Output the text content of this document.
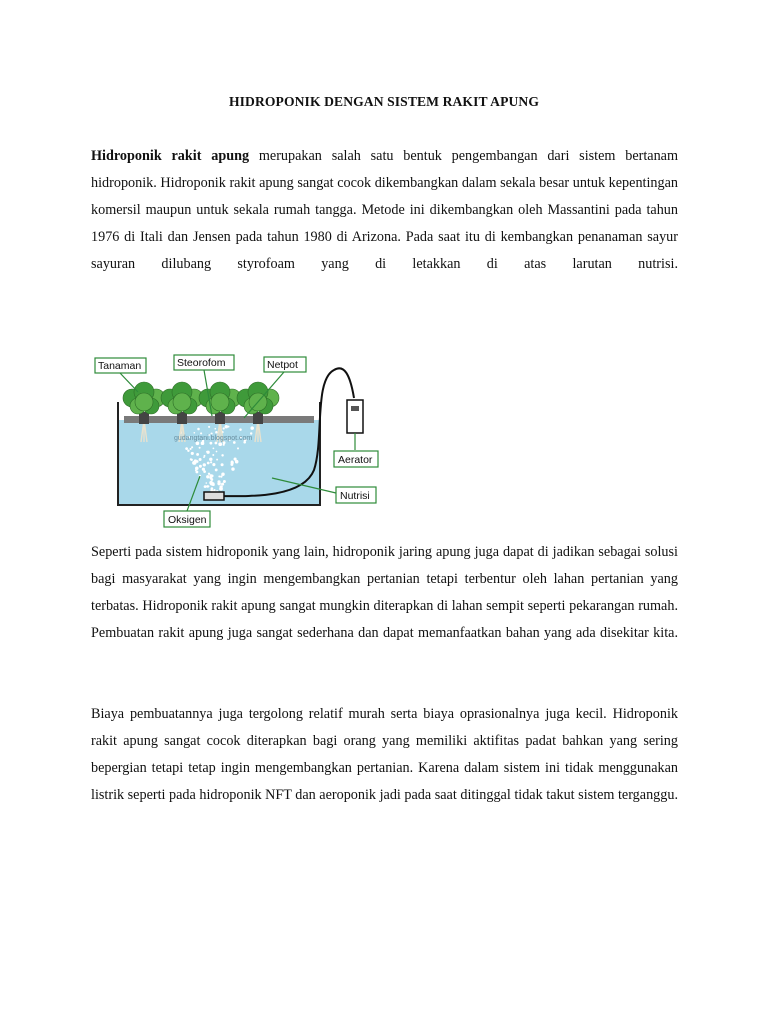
HIDROPONIK DENGAN SISTEM RAKIT APUNG
Hidroponik rakit apung merupakan salah satu bentuk pengembangan dari sistem bertanam hidroponik. Hidroponik rakit apung sangat cocok dikembangkan dalam sekala besar untuk kepentingan komersil maupun untuk sekala rumah tangga. Metode ini dikembangkan oleh Massantini pada tahun 1976 di Itali dan Jensen pada tahun 1980 di Arizona. Pada saat itu di kembangkan penanaman sayur sayuran dilubang styrofoam yang di letakkan di atas larutan nutrisi.
gudangtani.blogspot.com
Tanaman	Steorofom	Netpot
Aerator
Nutrisi
Oksigen
Seperti pada sistem hidroponik yang lain, hidroponik jaring apung juga dapat di jadikan sebagai solusi bagi masyarakat yang ingin mengembangkan pertanian tetapi terbentur oleh lahan pertanian yang terbatas. Hidroponik rakit apung sangat mungkin diterapkan di lahan sempit seperti pekarangan rumah. Pembuatan rakit apung juga sangat sederhana dan dapat memanfaatkan bahan yang ada disekitar kita.
Biaya pembuatannya juga tergolong relatif murah serta biaya oprasionalnya juga kecil. Hidroponik rakit apung sangat cocok diterapkan bagi orang yang memiliki aktifitas padat bahkan yang sering bepergian tetapi tetap ingin mengembangkan pertanian. Karena dalam sistem ini tidak menggunakan listrik seperti pada hidroponik NFT dan aeroponik jadi pada saat ditinggal tidak takut sistem terganggu.
